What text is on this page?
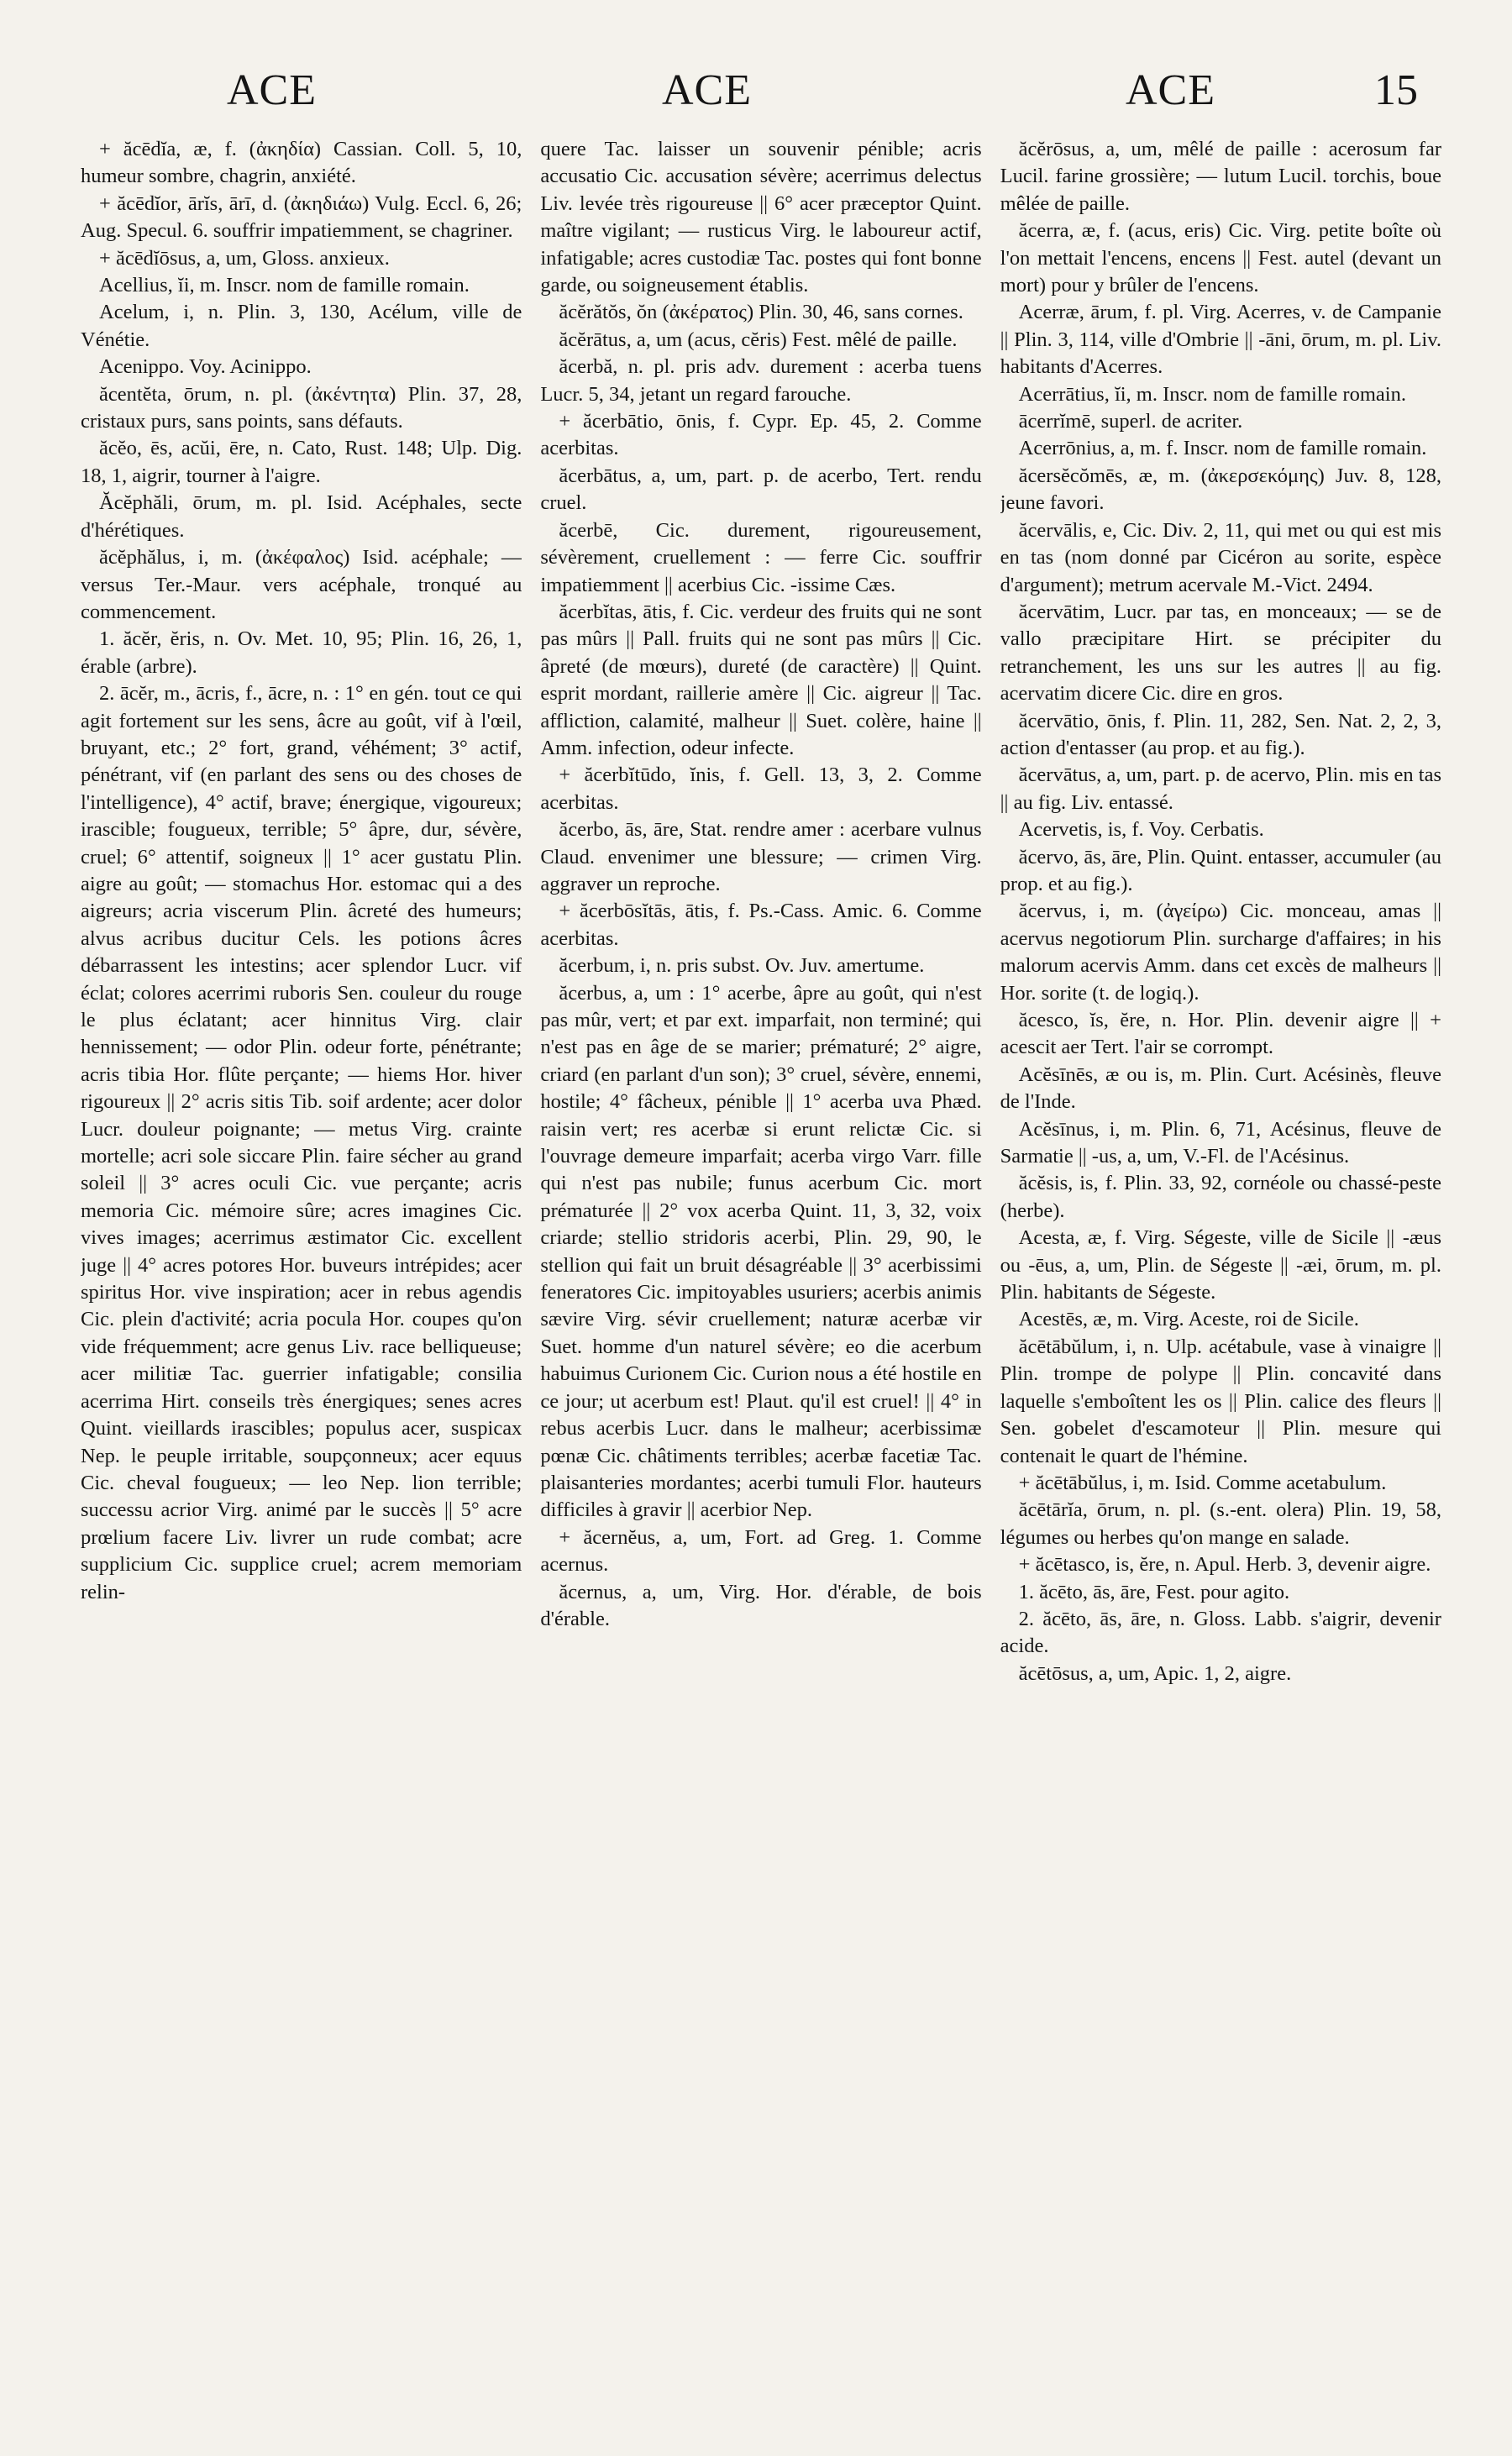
ACE	ACE	ACE	15

+ ăcēdĭa, æ, f. (ἀκηδία) Cassian. Coll. 5, 10, humeur sombre, chagrin, anxiété.

+ ăcēdĭor, ārĭs, ārī, d. (ἀκηδιάω) Vulg. Eccl. 6, 26; Aug. Specul. 6. souffrir impatiemment, se chagriner.

+ ăcēdĭōsus, a, um, Gloss. anxieux.

Acellius, ĭi, m. Inscr. nom de famille romain.

Acelum, i, n. Plin. 3, 130, Acélum, ville de Vénétie.

Acenippo. Voy. Acinippo.

ăcentĕta, ōrum, n. pl. (ἀκέντητα) Plin. 37, 28, cristaux purs, sans points, sans défauts.

ăcĕo, ēs, acŭi, ēre, n. Cato, Rust. 148; Ulp. Dig. 18, 1, aigrir, tourner à l'aigre.

Ăcĕphăli, ōrum, m. pl. Isid. Acéphales, secte d'hérétiques.

ăcĕphălus, i, m. (ἀκέφαλος) Isid. acéphale; — versus Ter.-Maur. vers acéphale, tronqué au commencement.

1. ăcĕr, ĕris, n. Ov. Met. 10, 95; Plin. 16, 26, 1, érable (arbre).

2. ācĕr, m., ācris, f., ācre, n. : 1° en gén. tout ce qui agit fortement sur les sens, âcre au goût, vif à l'œil, bruyant, etc.; 2° fort, grand, véhément; 3° actif, pénétrant, vif (en parlant des sens ou des choses de l'intelligence), 4° actif, brave; énergique, vigoureux; irascible; fougueux, terrible; 5° âpre, dur, sévère, cruel; 6° attentif, soigneux || 1° acer gustatu Plin. aigre au goût; — stomachus Hor. estomac qui a des aigreurs; acria viscerum Plin. âcreté des humeurs; alvus acribus ducitur Cels. les potions âcres débarrassent les intestins; acer splendor Lucr. vif éclat; colores acerrimi ruboris Sen. couleur du rouge le plus éclatant; acer hinnitus Virg. clair hennissement; — odor Plin. odeur forte, pénétrante; acris tibia Hor. flûte perçante; — hiems Hor. hiver rigoureux || 2° acris sitis Tib. soif ardente; acer dolor Lucr. douleur poignante; — metus Virg. crainte mortelle; acri sole siccare Plin. faire sécher au grand soleil || 3° acres oculi Cic. vue perçante; acris memoria Cic. mémoire sûre; acres imagines Cic. vives images; acerrimus æstimator Cic. excellent juge || 4° acres potores Hor. buveurs intrépides; acer spiritus Hor. vive inspiration; acer in rebus agendis Cic. plein d'activité; acria pocula Hor. coupes qu'on vide fréquemment; acre genus Liv. race belliqueuse; acer militiæ Tac. guerrier infatigable; consilia acerrima Hirt. conseils très énergiques; senes acres Quint. vieillards irascibles; populus acer, suspicax Nep. le peuple irritable, soupçonneux; acer equus Cic. cheval fougueux; — leo Nep. lion terrible; successu acrior Virg. animé par le succès || 5° acre prœlium facere Liv. livrer un rude combat; acre supplicium Cic. supplice cruel; acrem memoriam relin-

quere Tac. laisser un souvenir pénible; acris accusatio Cic. accusation sévère; acerrimus delectus Liv. levée très rigoureuse || 6° acer præceptor Quint. maître vigilant; — rusticus Virg. le laboureur actif, infatigable; acres custodiæ Tac. postes qui font bonne garde, ou soigneusement établis.

ăcĕrătŏs, ŏn (ἀκέρατος) Plin. 30, 46, sans cornes.

ăcĕrātus, a, um (acus, cĕris) Fest. mêlé de paille.

ăcerbă, n. pl. pris adv. durement : acerba tuens Lucr. 5, 34, jetant un regard farouche.

+ ăcerbātio, ōnis, f. Cypr. Ep. 45, 2. Comme acerbitas.

ăcerbātus, a, um, part. p. de acerbo, Tert. rendu cruel.

ăcerbē, Cic. durement, rigoureusement, sévèrement, cruellement : — ferre Cic. souffrir impatiemment || acerbius Cic. -issime Cæs.

ăcerbĭtas, ātis, f. Cic. verdeur des fruits qui ne sont pas mûrs || Pall. fruits qui ne sont pas mûrs || Cic. âpreté (de mœurs), dureté (de caractère) || Quint. esprit mordant, raillerie amère || Cic. aigreur || Tac. affliction, calamité, malheur || Suet. colère, haine || Amm. infection, odeur infecte.

+ ăcerbĭtūdo, ĭnis, f. Gell. 13, 3, 2. Comme acerbitas.

ăcerbo, ās, āre, Stat. rendre amer : acerbare vulnus Claud. envenimer une blessure; — crimen Virg. aggraver un reproche.

+ ăcerbōsĭtās, ātis, f. Ps.-Cass. Amic. 6. Comme acerbitas.

ăcerbum, i, n. pris subst. Ov. Juv. amertume.

ăcerbus, a, um : 1° acerbe, âpre au goût, qui n'est pas mûr, vert; et par ext. imparfait, non terminé; qui n'est pas en âge de se marier; prématuré; 2° aigre, criard (en parlant d'un son); 3° cruel, sévère, ennemi, hostile; 4° fâcheux, pénible || 1° acerba uva Phæd. raisin vert; res acerbæ si erunt relictæ Cic. si l'ouvrage demeure imparfait; acerba virgo Varr. fille qui n'est pas nubile; funus acerbum Cic. mort prématurée || 2° vox acerba Quint. 11, 3, 32, voix criarde; stellio stridoris acerbi, Plin. 29, 90, le stellion qui fait un bruit désagréable || 3° acerbissimi feneratores Cic. impitoyables usuriers; acerbis animis sævire Virg. sévir cruellement; naturæ acerbæ vir Suet. homme d'un naturel sévère; eo die acerbum habuimus Curionem Cic. Curion nous a été hostile en ce jour; ut acerbum est! Plaut. qu'il est cruel! || 4° in rebus acerbis Lucr. dans le malheur; acerbissimæ pœnæ Cic. châtiments terribles; acerbæ facetiæ Tac. plaisanteries mordantes; acerbi tumuli Flor. hauteurs difficiles à gravir || acerbior Nep.

+ ăcernĕus, a, um, Fort. ad Greg. 1. Comme acernus.

ăcernus, a, um, Virg. Hor. d'érable, de bois d'érable.

ăcĕrōsus, a, um, mêlé de paille : acerosum far Lucil. farine grossière; — lutum Lucil. torchis, boue mêlée de paille.

ăcerra, æ, f. (acus, eris) Cic. Virg. petite boîte où l'on mettait l'encens, encens || Fest. autel (devant un mort) pour y brûler de l'encens.

Acerræ, ārum, f. pl. Virg. Acerres, v. de Campanie || Plin. 3, 114, ville d'Ombrie || -āni, ōrum, m. pl. Liv. habitants d'Acerres.

Acerrātius, ĭi, m. Inscr. nom de famille romain.

ācerrĭmē, superl. de acriter.

Acerrōnius, a, m. f. Inscr. nom de famille romain.

ăcersĕcŏmēs, æ, m. (ἀκερσεκόμης) Juv. 8, 128, jeune favori.

ăcervālis, e, Cic. Div. 2, 11, qui met ou qui est mis en tas (nom donné par Cicéron au sorite, espèce d'argument); metrum acervale M.-Vict. 2494.

ăcervātim, Lucr. par tas, en monceaux; — se de vallo præcipitare Hirt. se précipiter du retranchement, les uns sur les autres || au fig. acervatim dicere Cic. dire en gros.

ăcervātio, ōnis, f. Plin. 11, 282, Sen. Nat. 2, 2, 3, action d'entasser (au prop. et au fig.).

ăcervātus, a, um, part. p. de acervo, Plin. mis en tas || au fig. Liv. entassé.

Acervetis, is, f. Voy. Cerbatis.

ăcervo, ās, āre, Plin. Quint. entasser, accumuler (au prop. et au fig.).

ăcervus, i, m. (ἀγείρω) Cic. monceau, amas || acervus negotiorum Plin. surcharge d'affaires; in his malorum acervis Amm. dans cet excès de malheurs || Hor. sorite (t. de logiq.).

ăcesco, ĭs, ĕre, n. Hor. Plin. devenir aigre || + acescit aer Tert. l'air se corrompt.

Acĕsīnēs, æ ou is, m. Plin. Curt. Acésinès, fleuve de l'Inde.

Acĕsīnus, i, m. Plin. 6, 71, Acésinus, fleuve de Sarmatie || -us, a, um, V.-Fl. de l'Acésinus.

ăcĕsis, is, f. Plin. 33, 92, cornéole ou chassé-peste (herbe).

Acesta, æ, f. Virg. Ségeste, ville de Sicile || -æus ou -ēus, a, um, Plin. de Ségeste || -æi, ōrum, m. pl. Plin. habitants de Ségeste.

Acestēs, æ, m. Virg. Aceste, roi de Sicile.

ăcētābŭlum, i, n. Ulp. acétabule, vase à vinaigre || Plin. trompe de polype || Plin. concavité dans laquelle s'emboîtent les os || Plin. calice des fleurs || Sen. gobelet d'escamoteur || Plin. mesure qui contenait le quart de l'hémine.

+ ăcētābŭlus, i, m. Isid. Comme acetabulum.

ăcētārĭa, ōrum, n. pl. (s.-ent. olera) Plin. 19, 58, légumes ou herbes qu'on mange en salade.

+ ăcētasco, is, ĕre, n. Apul. Herb. 3, devenir aigre.

1. ăcēto, ās, āre, Fest. pour agito.

2. ăcēto, ās, āre, n. Gloss. Labb. s'aigrir, devenir acide.

ăcētōsus, a, um, Apic. 1, 2, aigre.
